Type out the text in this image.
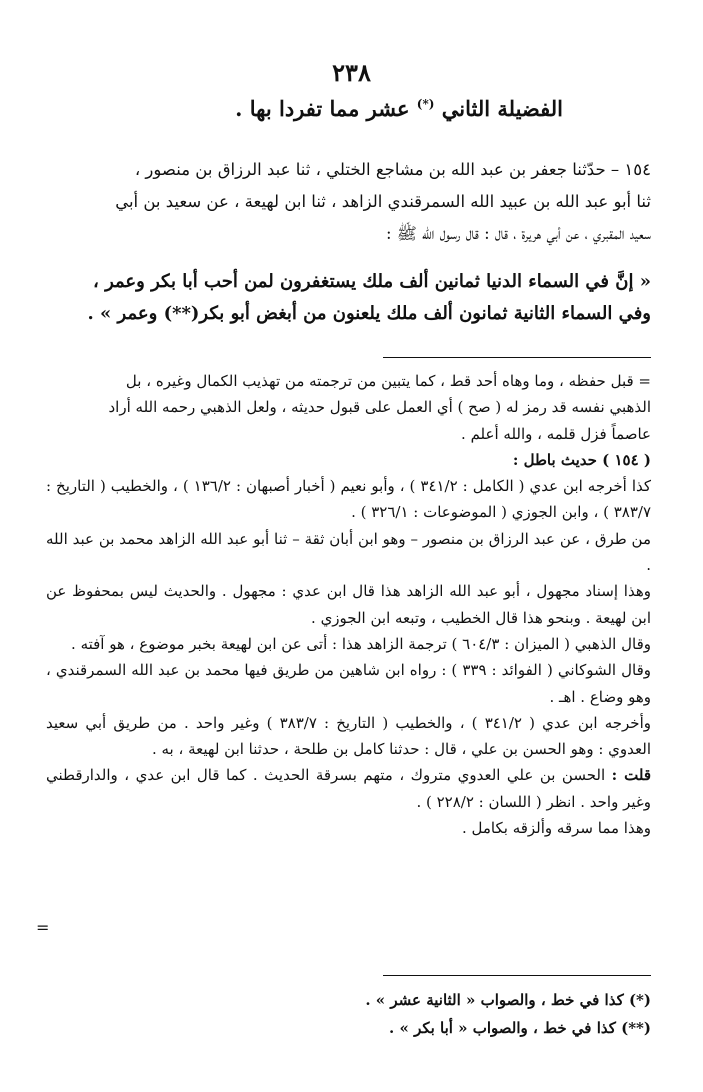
٢٣٨
الفضيلة الثاني (*) عشر مما تفردا بها .

١٥٤ – حدّثنا جعفر بن عبد الله بن مشاجع الختلي ، ثنا عبد الرزاق بن منصور ،

ثنا أبو عبد الله بن عبيد الله السمرقندي الزاهد ، ثنا ابن لهيعة ، عن سعيد بن أبي

سعيد المقبري ، عن أبي هريرة ، قال : قال رسول الله ﷺ :

« إنَّ في السماء الدنيا ثمانين ألف ملك يستغفرون لمن أحب أبا بكر وعمر ،

وفي السماء الثانية ثمانون ألف ملك يلعنون من أبغض أبو بكر(**) وعمر » .

= قبل حفظه ، وما وهاه أحد قط ، كما يتبين من ترجمته من تهذيب الكمال وغيره ، بل

الذهبي نفسه قد رمز له ( صح ) أي العمل على قبول حديثه ، ولعل الذهبي رحمه الله أراد

عاصماً فزل قلمه ، والله أعلم .

( ١٥٤ ) حديث باطل :

كذا أخرجه ابن عدي ( الكامل : ٣٤١/٢ ) ، وأبو نعيم ( أخبار أصبهان : ١٣٦/٢ ) ، والخطيب ( التاريخ : ٣٨٣/٧ ) ، وابن الجوزي ( الموضوعات : ٣٢٦/١ ) .

من طرق ، عن عبد الرزاق بن منصور – وهو ابن أبان ثقة – ثنا أبو عبد الله الزاهد محمد بن عبد الله .

وهذا إسناد مجهول ، أبو عبد الله الزاهد هذا قال ابن عدي : مجهول . والحديث ليس بمحفوظ عن ابن لهيعة . وبنحو هذا قال الخطيب ، وتبعه ابن الجوزي .

وقال الذهبي ( الميزان : ٦٠٤/٣ ) ترجمة الزاهد هذا : أتى عن ابن لهيعة بخبر موضوع ، هو آفته .

وقال الشوكاني ( الفوائد : ٣٣٩ ) : رواه ابن شاهين من طريق فيها محمد بن عبد الله السمرقندي ، وهو وضاع . اهـ .

وأخرجه ابن عدي ( ٣٤١/٢ ) ، والخطيب ( التاريخ : ٣٨٣/٧ ) وغير واحد . من طريق أبي سعيد العدوي : وهو الحسن بن علي ، قال : حدثنا كامل بن طلحة ، حدثنا ابن لهيعة ، به .

قلت : الحسن بن علي العدوي متروك ، متهم بسرقة الحديث . كما قال ابن عدي ، والدارقطني وغير واحد . انظر ( اللسان : ٢٢٨/٢ ) .

وهذا مما سرقه وألزقه بكامل .

=

(*) كذا في خط ، والصواب « الثانية عشر » .

(**) كذا في خط ، والصواب « أبا بكر » .
